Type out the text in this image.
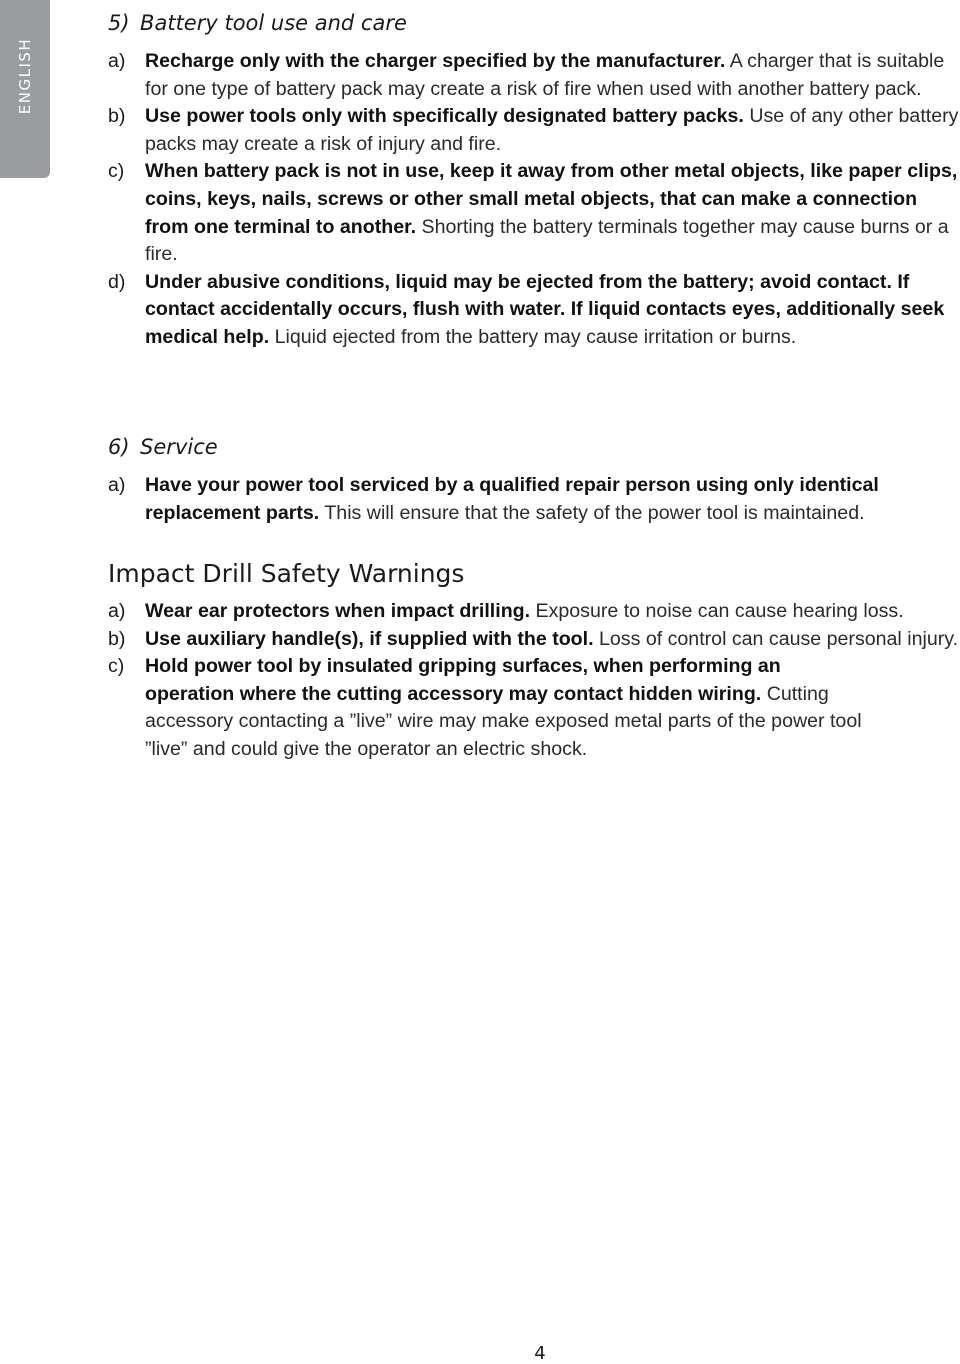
ENGLISH
5) Battery tool use and care
a) Recharge only with the charger specified by the manufacturer. A charger that is suitable for one type of battery pack may create a risk of fire when used with another battery pack.
b) Use power tools only with specifically designated battery packs. Use of any other battery packs may create a risk of injury and fire.
c) When battery pack is not in use, keep it away from other metal objects, like paper clips, coins, keys, nails, screws or other small metal objects, that can make a connection from one terminal to another. Shorting the battery terminals together may cause burns or a fire.
d) Under abusive conditions, liquid may be ejected from the battery; avoid contact. If contact accidentally occurs, flush with water. If liquid contacts eyes, additionally seek medical help. Liquid ejected from the battery may cause irritation or burns.
6) Service
a) Have your power tool serviced by a qualified repair person using only identical replacement parts. This will ensure that the safety of the power tool is maintained.
Impact Drill Safety Warnings
a) Wear ear protectors when impact drilling. Exposure to noise can cause hearing loss.
b) Use auxiliary handle(s), if supplied with the tool. Loss of control can cause personal injury.
c) Hold power tool by insulated gripping surfaces, when performing an operation where the cutting accessory may contact hidden wiring. Cutting accessory contacting a ”live” wire may make exposed metal parts of the power tool ”live” and could give the operator an electric shock.
4
